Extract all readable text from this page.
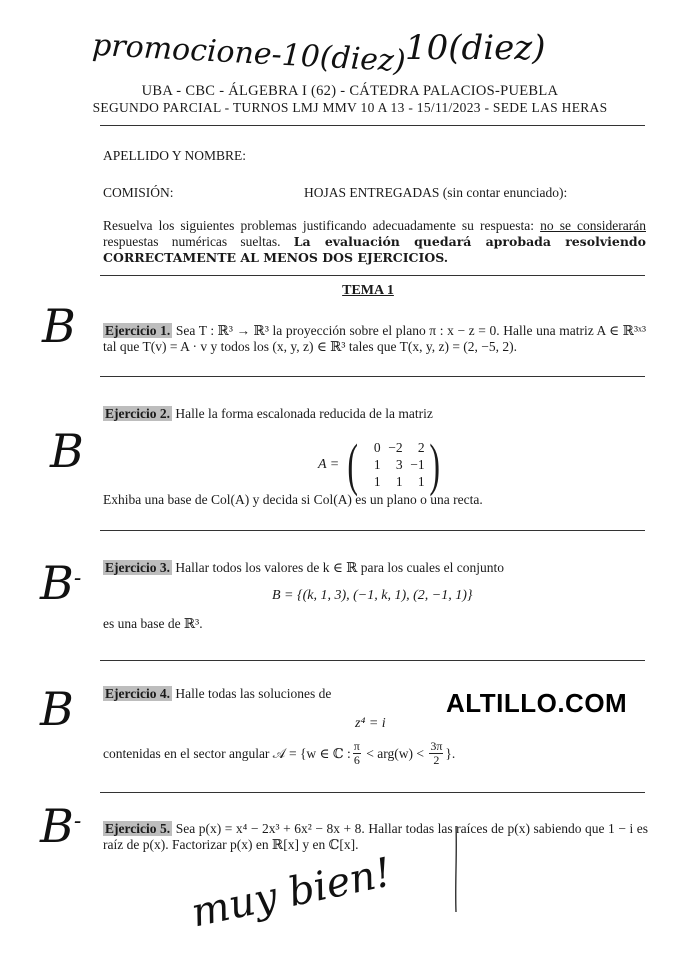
promocione-10(diez)
10(diez)
UBA - CBC - ÁLGEBRA I (62) - CÁTEDRA PALACIOS-PUEBLA
SEGUNDO PARCIAL - TURNOS LMJ MMV 10 A 13 - 15/11/2023 - SEDE LAS HERAS
APELLIDO Y NOMBRE:
COMISIÓN:	HOJAS ENTREGADAS (sin contar enunciado):
Resuelva los siguientes problemas justificando adecuadamente su respuesta: no se considerarán respuestas numéricas sueltas. La evaluación quedará aprobada resolviendo CORRECTAMENTE AL MENOS DOS EJERCICIOS.
TEMA 1
B
B
B-
B
B-
Ejercicio 1. Sea T : ℝ³ → ℝ³ la proyección sobre el plano π : x − z = 0. Halle una matriz A ∈ ℝ³ˣ³ tal que T(v) = A · v y todos los (x, y, z) ∈ ℝ³ tales que T(x, y, z) = (2, −5, 2).
Ejercicio 2. Halle la forma escalonada reducida de la matriz
A = (	0 −2	2
1	3 −1
1	1	1 )
Exhiba una base de Col(A) y decida si Col(A) es un plano o una recta.
Ejercicio 3. Hallar todos los valores de k ∈ ℝ para los cuales el conjunto
B = {(k, 1, 3), (−1, k, 1), (2, −1, 1)}
es una base de ℝ³.
Ejercicio 4. Halle todas las soluciones de	ALTILLO.COM
z⁴ = i
contenidas en el sector angular 𝒜 = {w ∈ ℂ : $\frac{\pi}{6} < arg(w) < \frac{3\pi}{2}$ }.
Ejercicio 5. Sea p(x) = x⁴ − 2x³ + 6x² − 8x + 8. Hallar todas las raíces de p(x) sabiendo que 1 − i es raíz de p(x). Factorizar p(x) en ℝ[x] y en ℂ[x].
muy bien!
